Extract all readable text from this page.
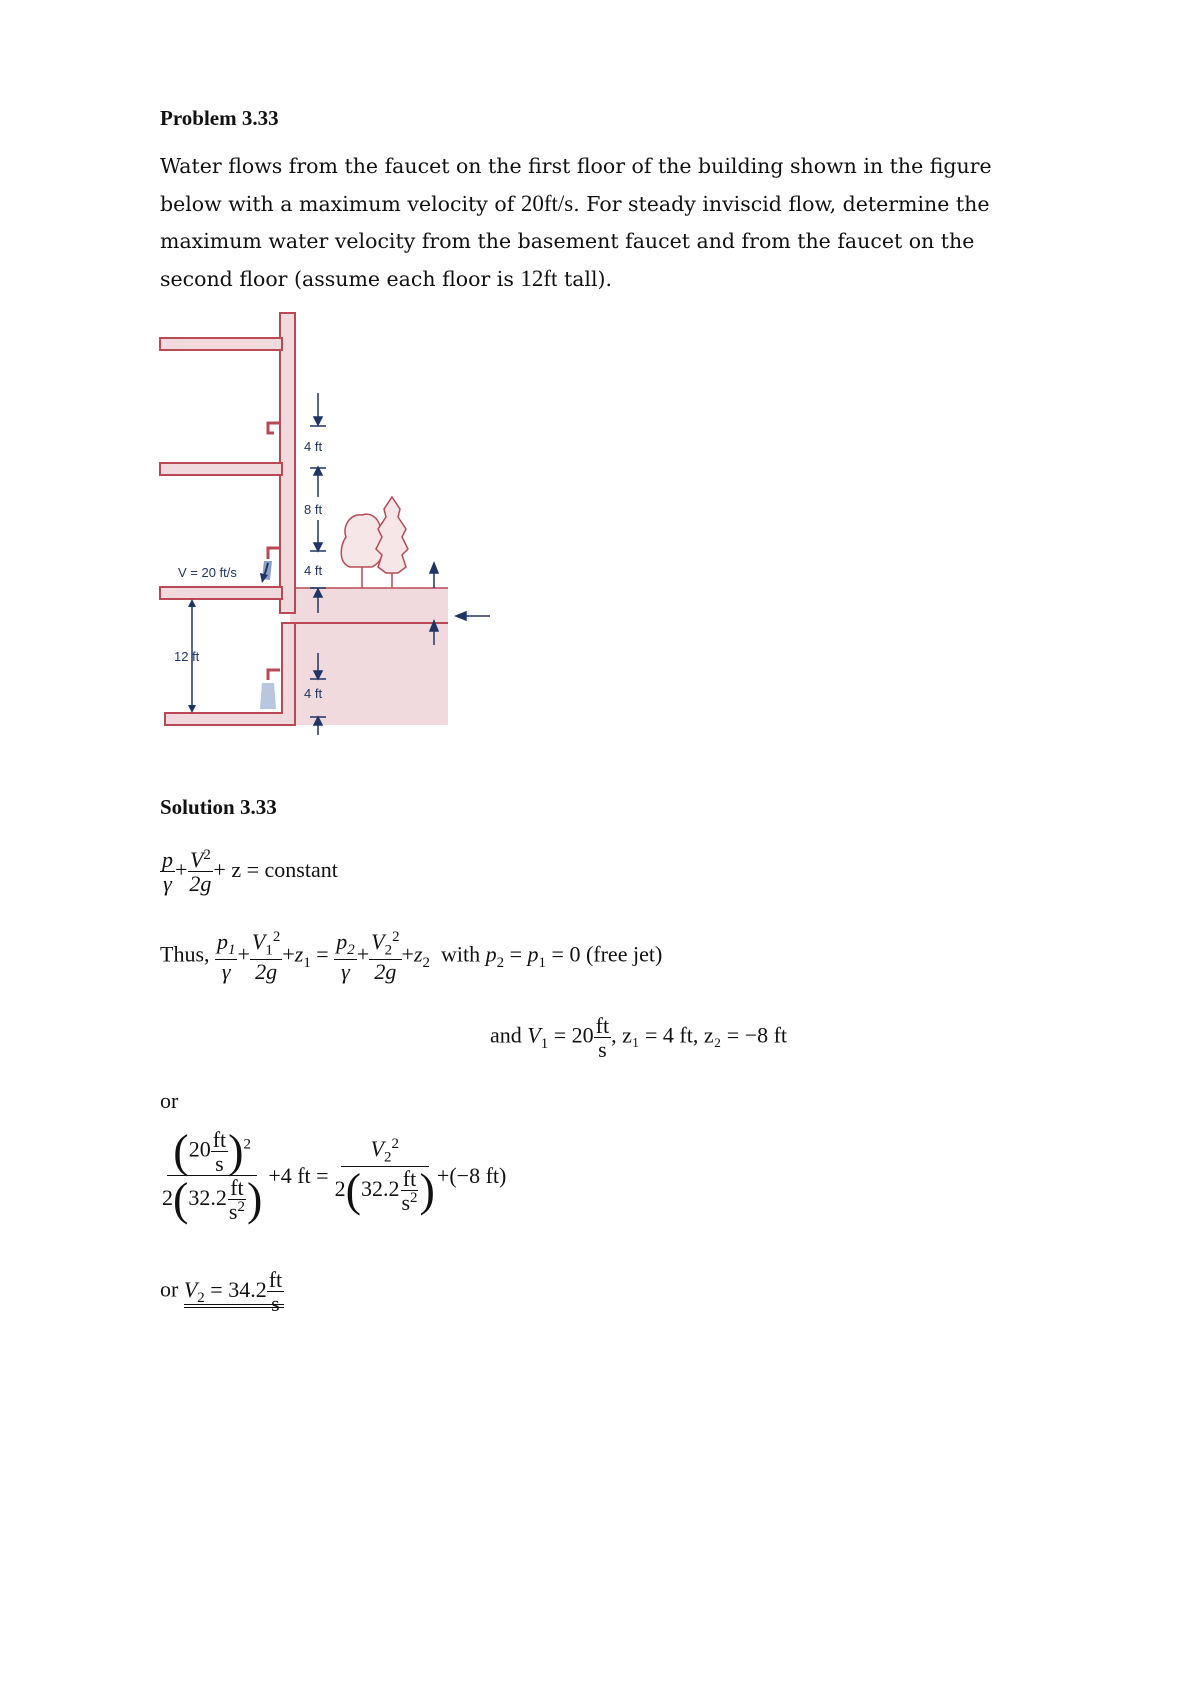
Problem 3.33
Water flows from the faucet on the first floor of the building shown in the figure below with a maximum velocity of 20ft/s. For steady inviscid flow, determine the maximum water velocity from the basement faucet and from the faucet on the second floor (assume each floor is 12ft tall).
V = 20 ft/s
12 ft
4 ft
8 ft
4 ft
4 ft
Solution 3.33
$\frac{p}{\gamma} + \frac{V^2}{2g} + z$ = constant
Thus, $\frac{p_1}{\gamma} + \frac{V_1^2}{2g} +z_1 = \frac{p_2}{\gamma} + \frac{V_2^2}{2g} +z_2$ with $p_2 = p_1 = 0$ (free jet)
and $V_1 = 20 \frac{ft}{s}$ , z₁ = 4 ft, z₂ = −8 ft
or
$\frac{(20 \frac{ft}{s} )^2}{2(32.2 \frac{ft}{s^2} )} +4$ ft = $\frac{V_2^2}{2(32.2 \frac{ft}{s^2} )} +(-8$ ft)
or $V_2 = 34.2 \frac{ft}{s}$
